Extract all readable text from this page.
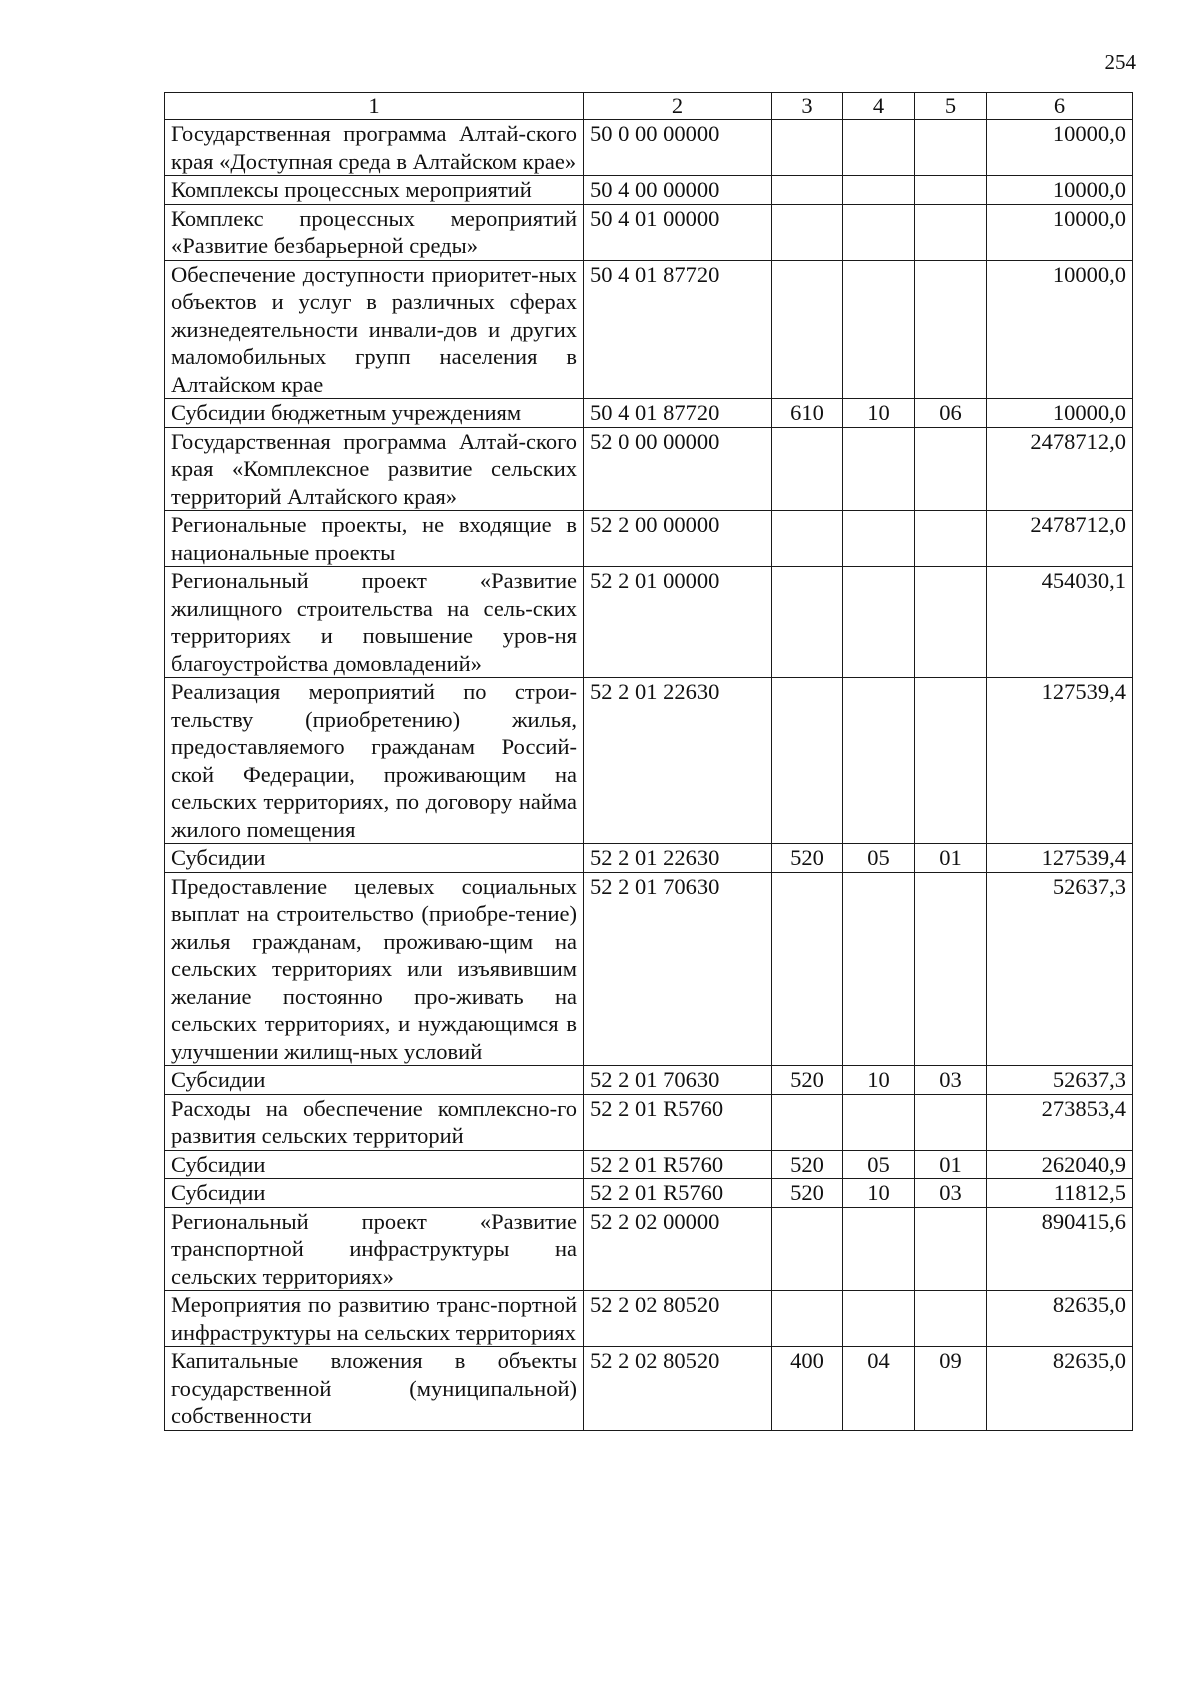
254
1	2	3	4	5	6
Государственная программа Алтай-ского края «Доступная среда в Алтайском крае»	50 0 00 00000				10000,0
Комплексы процессных мероприятий	50 4 00 00000				10000,0
Комплекс процессных мероприятий «Развитие безбарьерной среды»	50 4 01 00000				10000,0
Обеспечение доступности приоритет-ных объектов и услуг в различных сферах жизнедеятельности инвали-дов и других маломобильных групп населения в Алтайском крае	50 4 01 87720				10000,0
Субсидии бюджетным учреждениям	50 4 01 87720	610	10	06	10000,0
Государственная программа Алтай-ского края «Комплексное развитие сельских территорий Алтайского края»	52 0 00 00000				2478712,0
Региональные проекты, не входящие в национальные проекты	52 2 00 00000				2478712,0
Региональный проект «Развитие жилищного строительства на сель-ских территориях и повышение уров-ня благоустройства домовладений»	52 2 01 00000				454030,1
Реализация мероприятий по строи-тельству (приобретению) жилья, предоставляемого гражданам Россий-ской Федерации, проживающим на сельских территориях, по договору найма жилого помещения	52 2 01 22630				127539,4
Субсидии	52 2 01 22630	520	05	01	127539,4
Предоставление целевых социальных выплат на строительство (приобре-тение) жилья гражданам, проживаю-щим на сельских территориях или изъявившим желание постоянно про-живать на сельских территориях, и нуждающимся в улучшении жилищ-ных условий	52 2 01 70630				52637,3
Субсидии	52 2 01 70630	520	10	03	52637,3
Расходы на обеспечение комплексно-го развития сельских территорий	52 2 01 R5760				273853,4
Субсидии	52 2 01 R5760	520	05	01	262040,9
Субсидии	52 2 01 R5760	520	10	03	11812,5
Региональный проект «Развитие транспортной инфраструктуры на сельских территориях»	52 2 02 00000				890415,6
Мероприятия по развитию транс-портной инфраструктуры на сельских территориях	52 2 02 80520				82635,0
Капитальные вложения в объекты государственной (муниципальной) собственности	52 2 02 80520	400	04	09	82635,0
